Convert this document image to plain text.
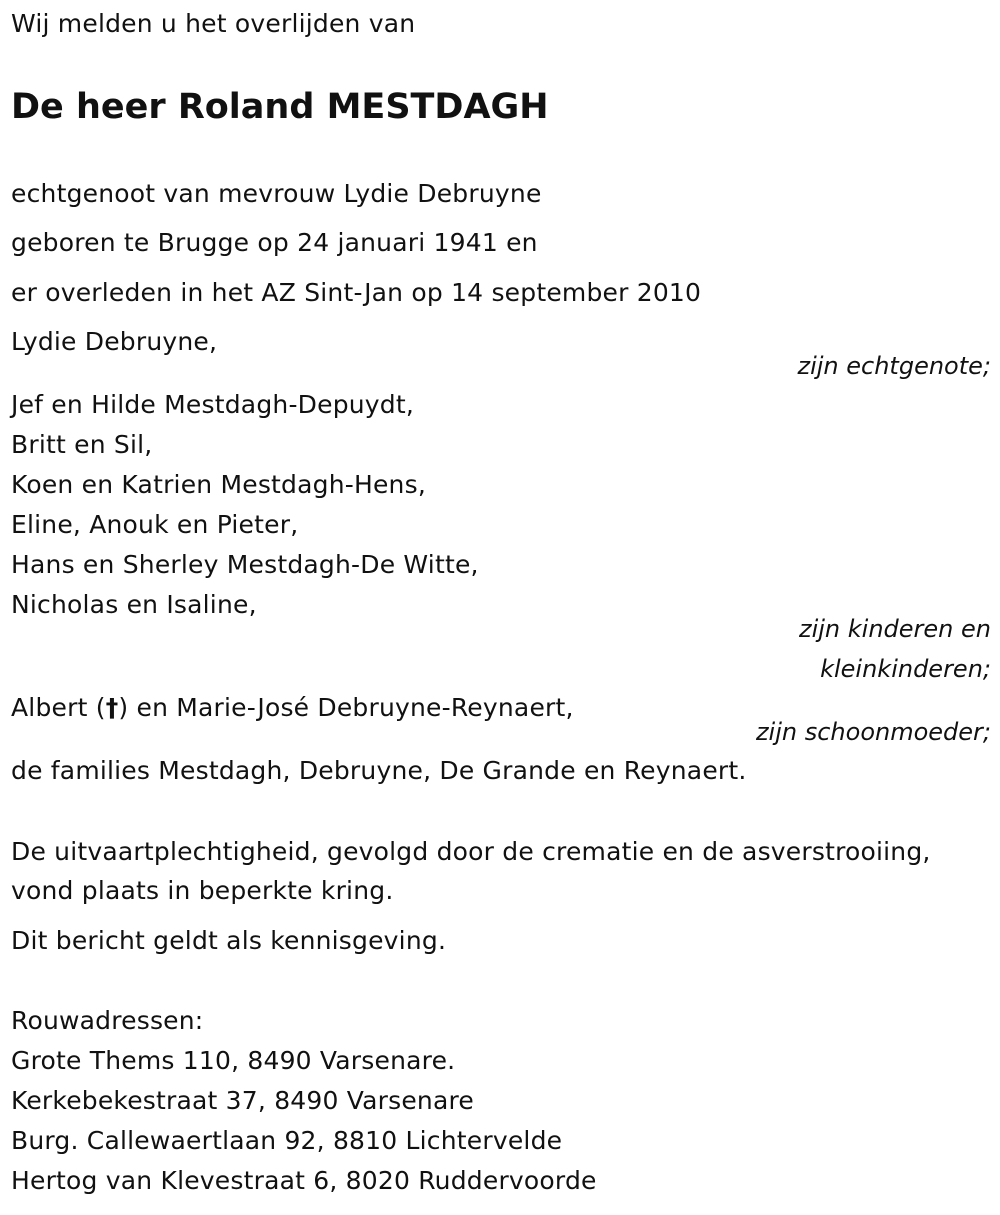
Wij melden u het overlijden van

De heer Roland MESTDAGH

echtgenoot van mevrouw Lydie Debruyne

geboren te Brugge op 24 januari 1941 en

er overleden in het AZ Sint-Jan op 14 september 2010

Lydie Debruyne,

zijn echtgenote;

Jef en Hilde Mestdagh-Depuydt,

Britt en Sil,

Koen en Katrien Mestdagh-Hens,

Eline, Anouk en Pieter,

Hans en Sherley Mestdagh-De Witte,

Nicholas en Isaline,

zijn kinderen en

kleinkinderen;

Albert (†) en Marie-José Debruyne-Reynaert,

zijn schoonmoeder;

de families Mestdagh, Debruyne, De Grande en Reynaert.

De uitvaartplechtigheid, gevolgd door de crematie en de asverstrooiing,

vond plaats in beperkte kring.

Dit bericht geldt als kennisgeving.

Rouwadressen:

Grote Thems 110, 8490 Varsenare.

Kerkebekestraat 37, 8490 Varsenare

Burg. Callewaertlaan 92, 8810 Lichtervelde

Hertog van Klevestraat 6, 8020 Ruddervoorde
